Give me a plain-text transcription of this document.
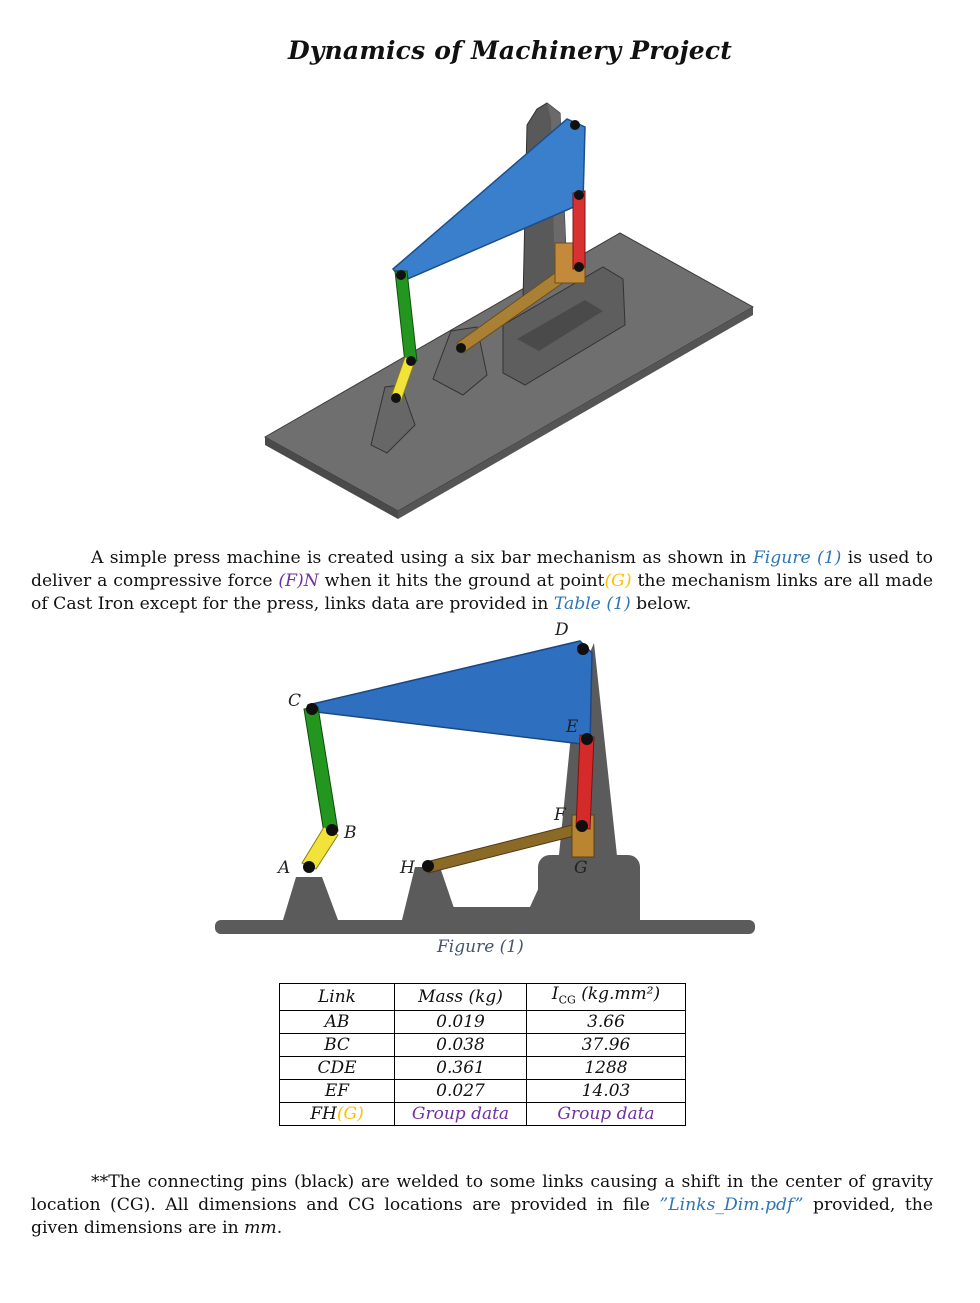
Dynamics of Machinery Project
A simple press machine is created using a six bar mechanism as shown in Figure (1) is used to deliver a compressive force (F)N when it hits the ground at point(G) the mechanism links are all made of Cast Iron except for the press, links data are provided in Table (1) below.
D
C
E
F
B
A	H	G
Figure (1)
Link	Mass (kg)	$I_{CG}$ (kg.mm²)
AB	0.019	3.66
BC	0.038	37.96
CDE	0.361	1288
EF	0.027	14.03
FH(G)	Group data	Group data
**The connecting pins (black) are welded to some links causing a shift in the center of gravity location (CG). All dimensions and CG locations are provided in file ”Links_Dim.pdf” provided, the given dimensions are in mm.
